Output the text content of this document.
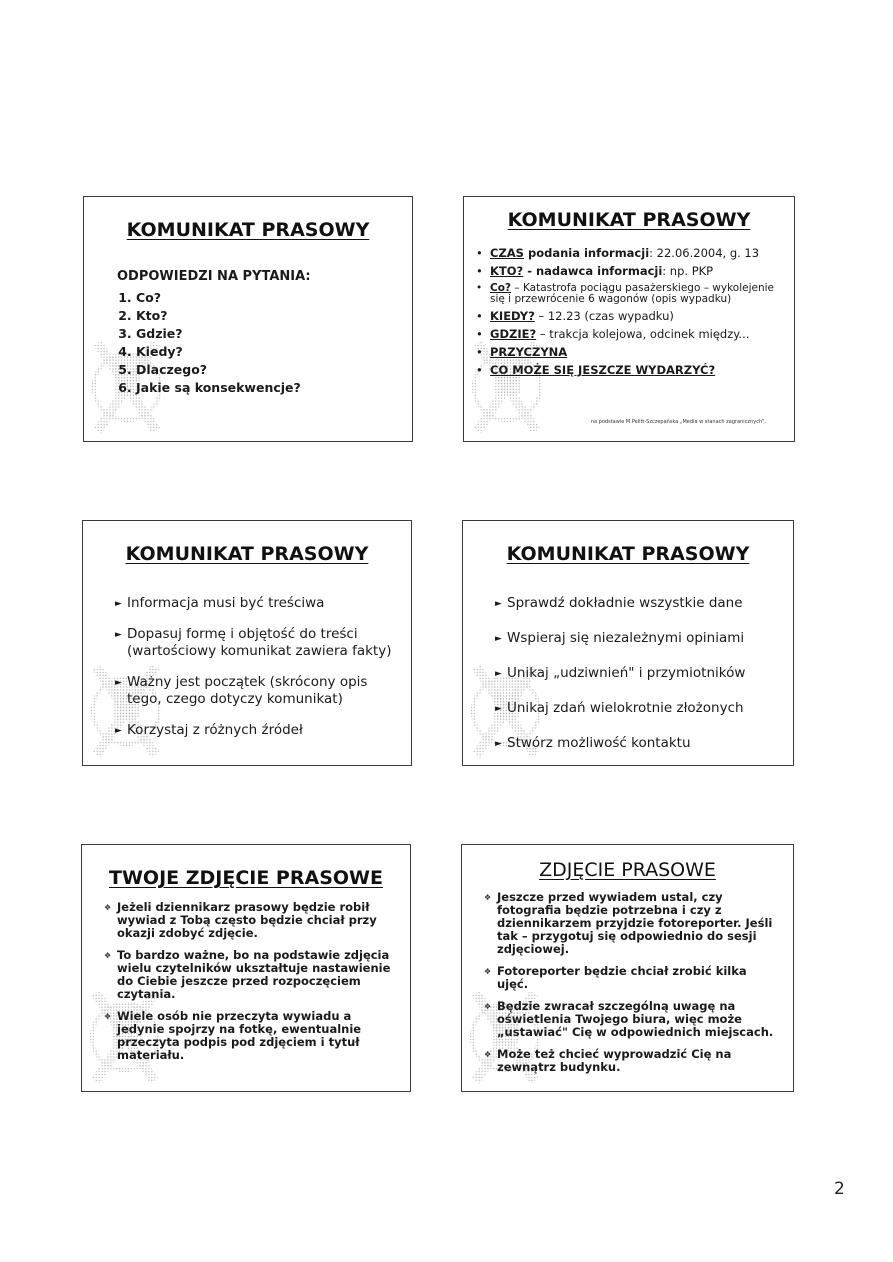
KOMUNIKAT PRASOWY
ODPOWIEDZI NA PYTANIA:
1. Co?
2. Kto?
3. Gdzie?
4. Kiedy?
5. Dlaczego?
6. Jakie są konsekwencje?
KOMUNIKAT PRASOWY
• CZAS podania informacji: 22.06.2004, g. 13
• KTO? - nadawca informacji: np. PKP
• Co? – Katastrofa pociągu pasażerskiego – wykolejenie się i przewrócenie 6 wagonów (opis wypadku)
• KIEDY? – 12.23 (czas wypadku)
• GDZIE? – trakcja kolejowa, odcinek między...
• PRZYCZYNA
• CO MOŻE SIĘ JESZCZE WYDARZYĆ?
na podstawie M.Pelitt-Szczepańska „Media w stanach zagranicznych",
KOMUNIKAT PRASOWY
► Informacja musi być treściwa
► Dopasuj formę i objętość do treści (wartościowy komunikat zawiera fakty)
► Ważny jest początek (skrócony opis tego, czego dotyczy komunikat)
► Korzystaj z różnych źródeł
KOMUNIKAT PRASOWY
► Sprawdź dokładnie wszystkie dane
► Wspieraj się niezależnymi opiniami
► Unikaj „udziwnień" i przymiotników
► Unikaj zdań wielokrotnie złożonych
► Stwórz możliwość kontaktu
TWOJE ZDJĘCIE PRASOWE
❖ Jeżeli dziennikarz prasowy będzie robił wywiad z Tobą często będzie chciał przy okazji zdobyć zdjęcie.
❖ To bardzo ważne, bo na podstawie zdjęcia wielu czytelników ukształtuje nastawienie do Ciebie jeszcze przed rozpoczęciem czytania.
❖ Wiele osób nie przeczyta wywiadu a jedynie spojrzy na fotkę, ewentualnie przeczyta podpis pod zdjęciem i tytuł materiału.
ZDJĘCIE PRASOWE
❖ Jeszcze przed wywiadem ustal, czy fotografia będzie potrzebna i czy z dziennikarzem przyjdzie fotoreporter. Jeśli tak – przygotuj się odpowiednio do sesji zdjęciowej.
❖ Fotoreporter będzie chciał zrobić kilka ujęć.
❖ Będzie zwracał szczególną uwagę na oświetlenia Twojego biura, więc może „ustawiać" Cię w odpowiednich miejscach.
❖ Może też chcieć wyprowadzić Cię na zewnątrz budynku.
2
